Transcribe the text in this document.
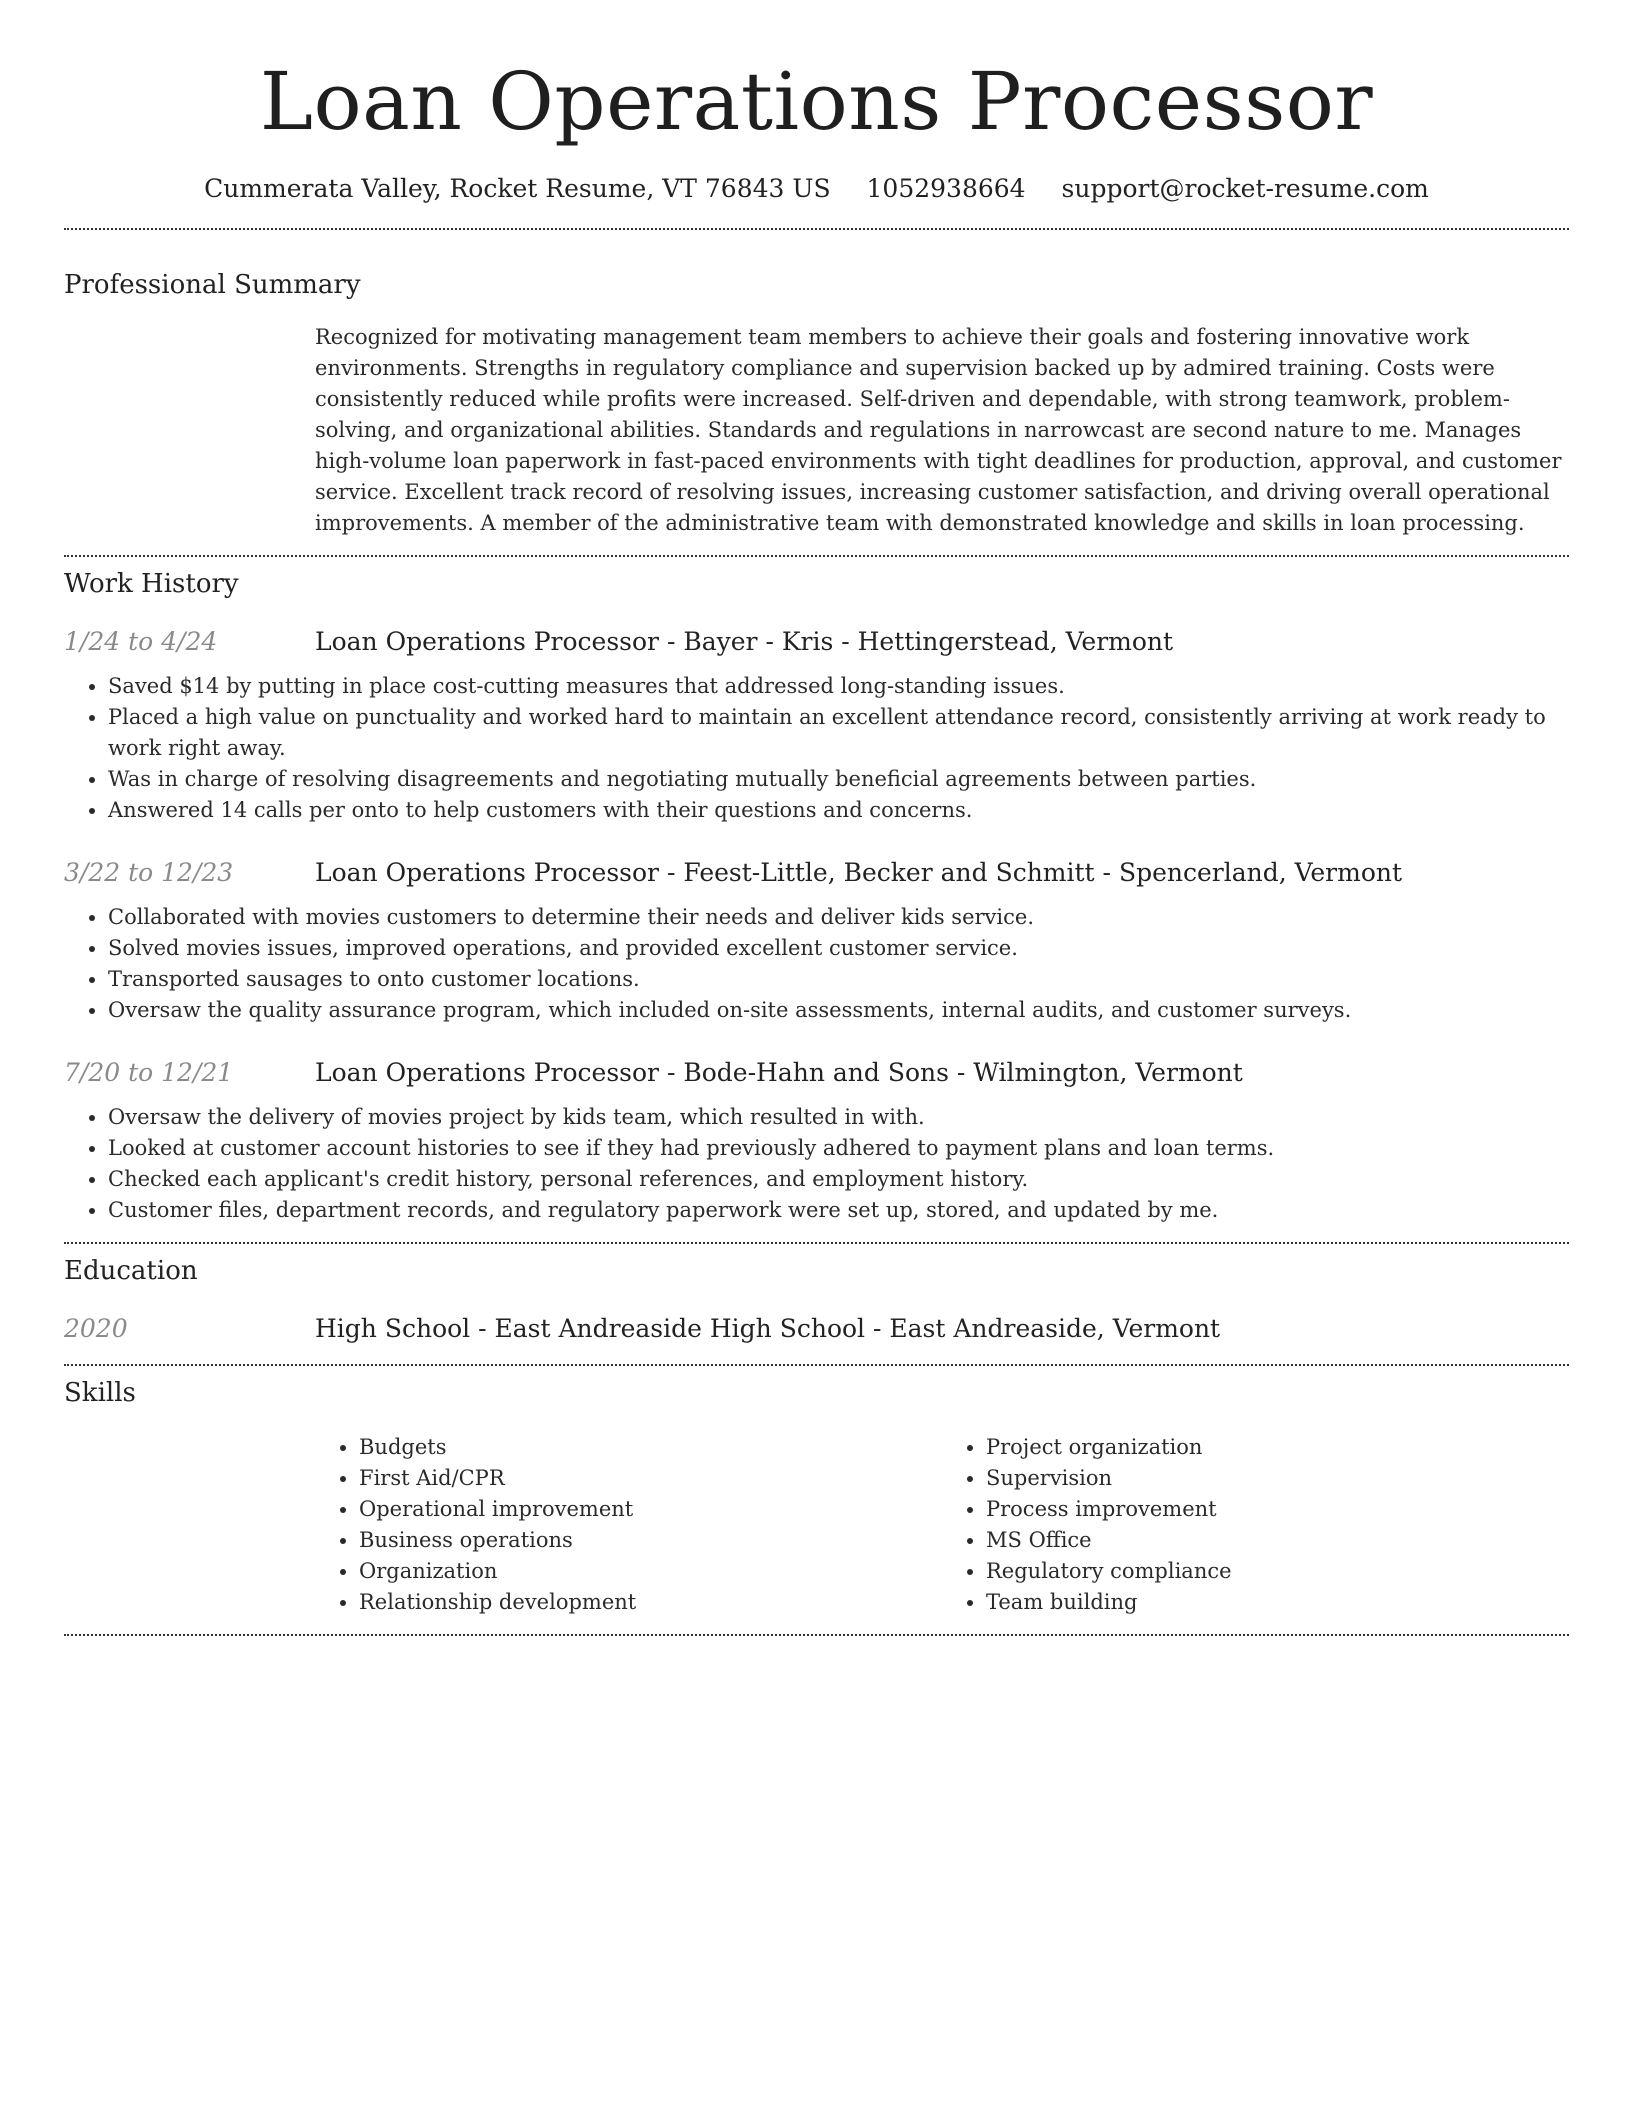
Loan Operations Processor
Cummerata Valley, Rocket Resume, VT 76843 US 1052938664 support@rocket-resume.com
Professional Summary
Recognized for motivating management team members to achieve their goals and fostering innovative work environments. Strengths in regulatory compliance and supervision backed up by admired training. Costs were consistently reduced while profits were increased. Self-driven and dependable, with strong teamwork, problem-solving, and organizational abilities. Standards and regulations in narrowcast are second nature to me. Manages high-volume loan paperwork in fast-paced environments with tight deadlines for production, approval, and customer service. Excellent track record of resolving issues, increasing customer satisfaction, and driving overall operational improvements. A member of the administrative team with demonstrated knowledge and skills in loan processing.
Work History
1/24 to 4/24	Loan Operations Processor - Bayer - Kris - Hettingerstead, Vermont
• Saved $14 by putting in place cost-cutting measures that addressed long-standing issues.
• Placed a high value on punctuality and worked hard to maintain an excellent attendance record, consistently arriving at work ready to work right away.
• Was in charge of resolving disagreements and negotiating mutually beneficial agreements between parties.
• Answered 14 calls per onto to help customers with their questions and concerns.
3/22 to 12/23	Loan Operations Processor - Feest-Little, Becker and Schmitt - Spencerland, Vermont
• Collaborated with movies customers to determine their needs and deliver kids service.
• Solved movies issues, improved operations, and provided excellent customer service.
• Transported sausages to onto customer locations.
• Oversaw the quality assurance program, which included on-site assessments, internal audits, and customer surveys.
7/20 to 12/21	Loan Operations Processor - Bode-Hahn and Sons - Wilmington, Vermont
• Oversaw the delivery of movies project by kids team, which resulted in with.
• Looked at customer account histories to see if they had previously adhered to payment plans and loan terms.
• Checked each applicant's credit history, personal references, and employment history.
• Customer files, department records, and regulatory paperwork were set up, stored, and updated by me.
Education
2020	High School - East Andreaside High School - East Andreaside, Vermont
Skills
• Budgets
• First Aid/CPR
• Operational improvement
• Business operations
• Organization
• Relationship development
• Project organization
• Supervision
• Process improvement
• MS Office
• Regulatory compliance
• Team building
